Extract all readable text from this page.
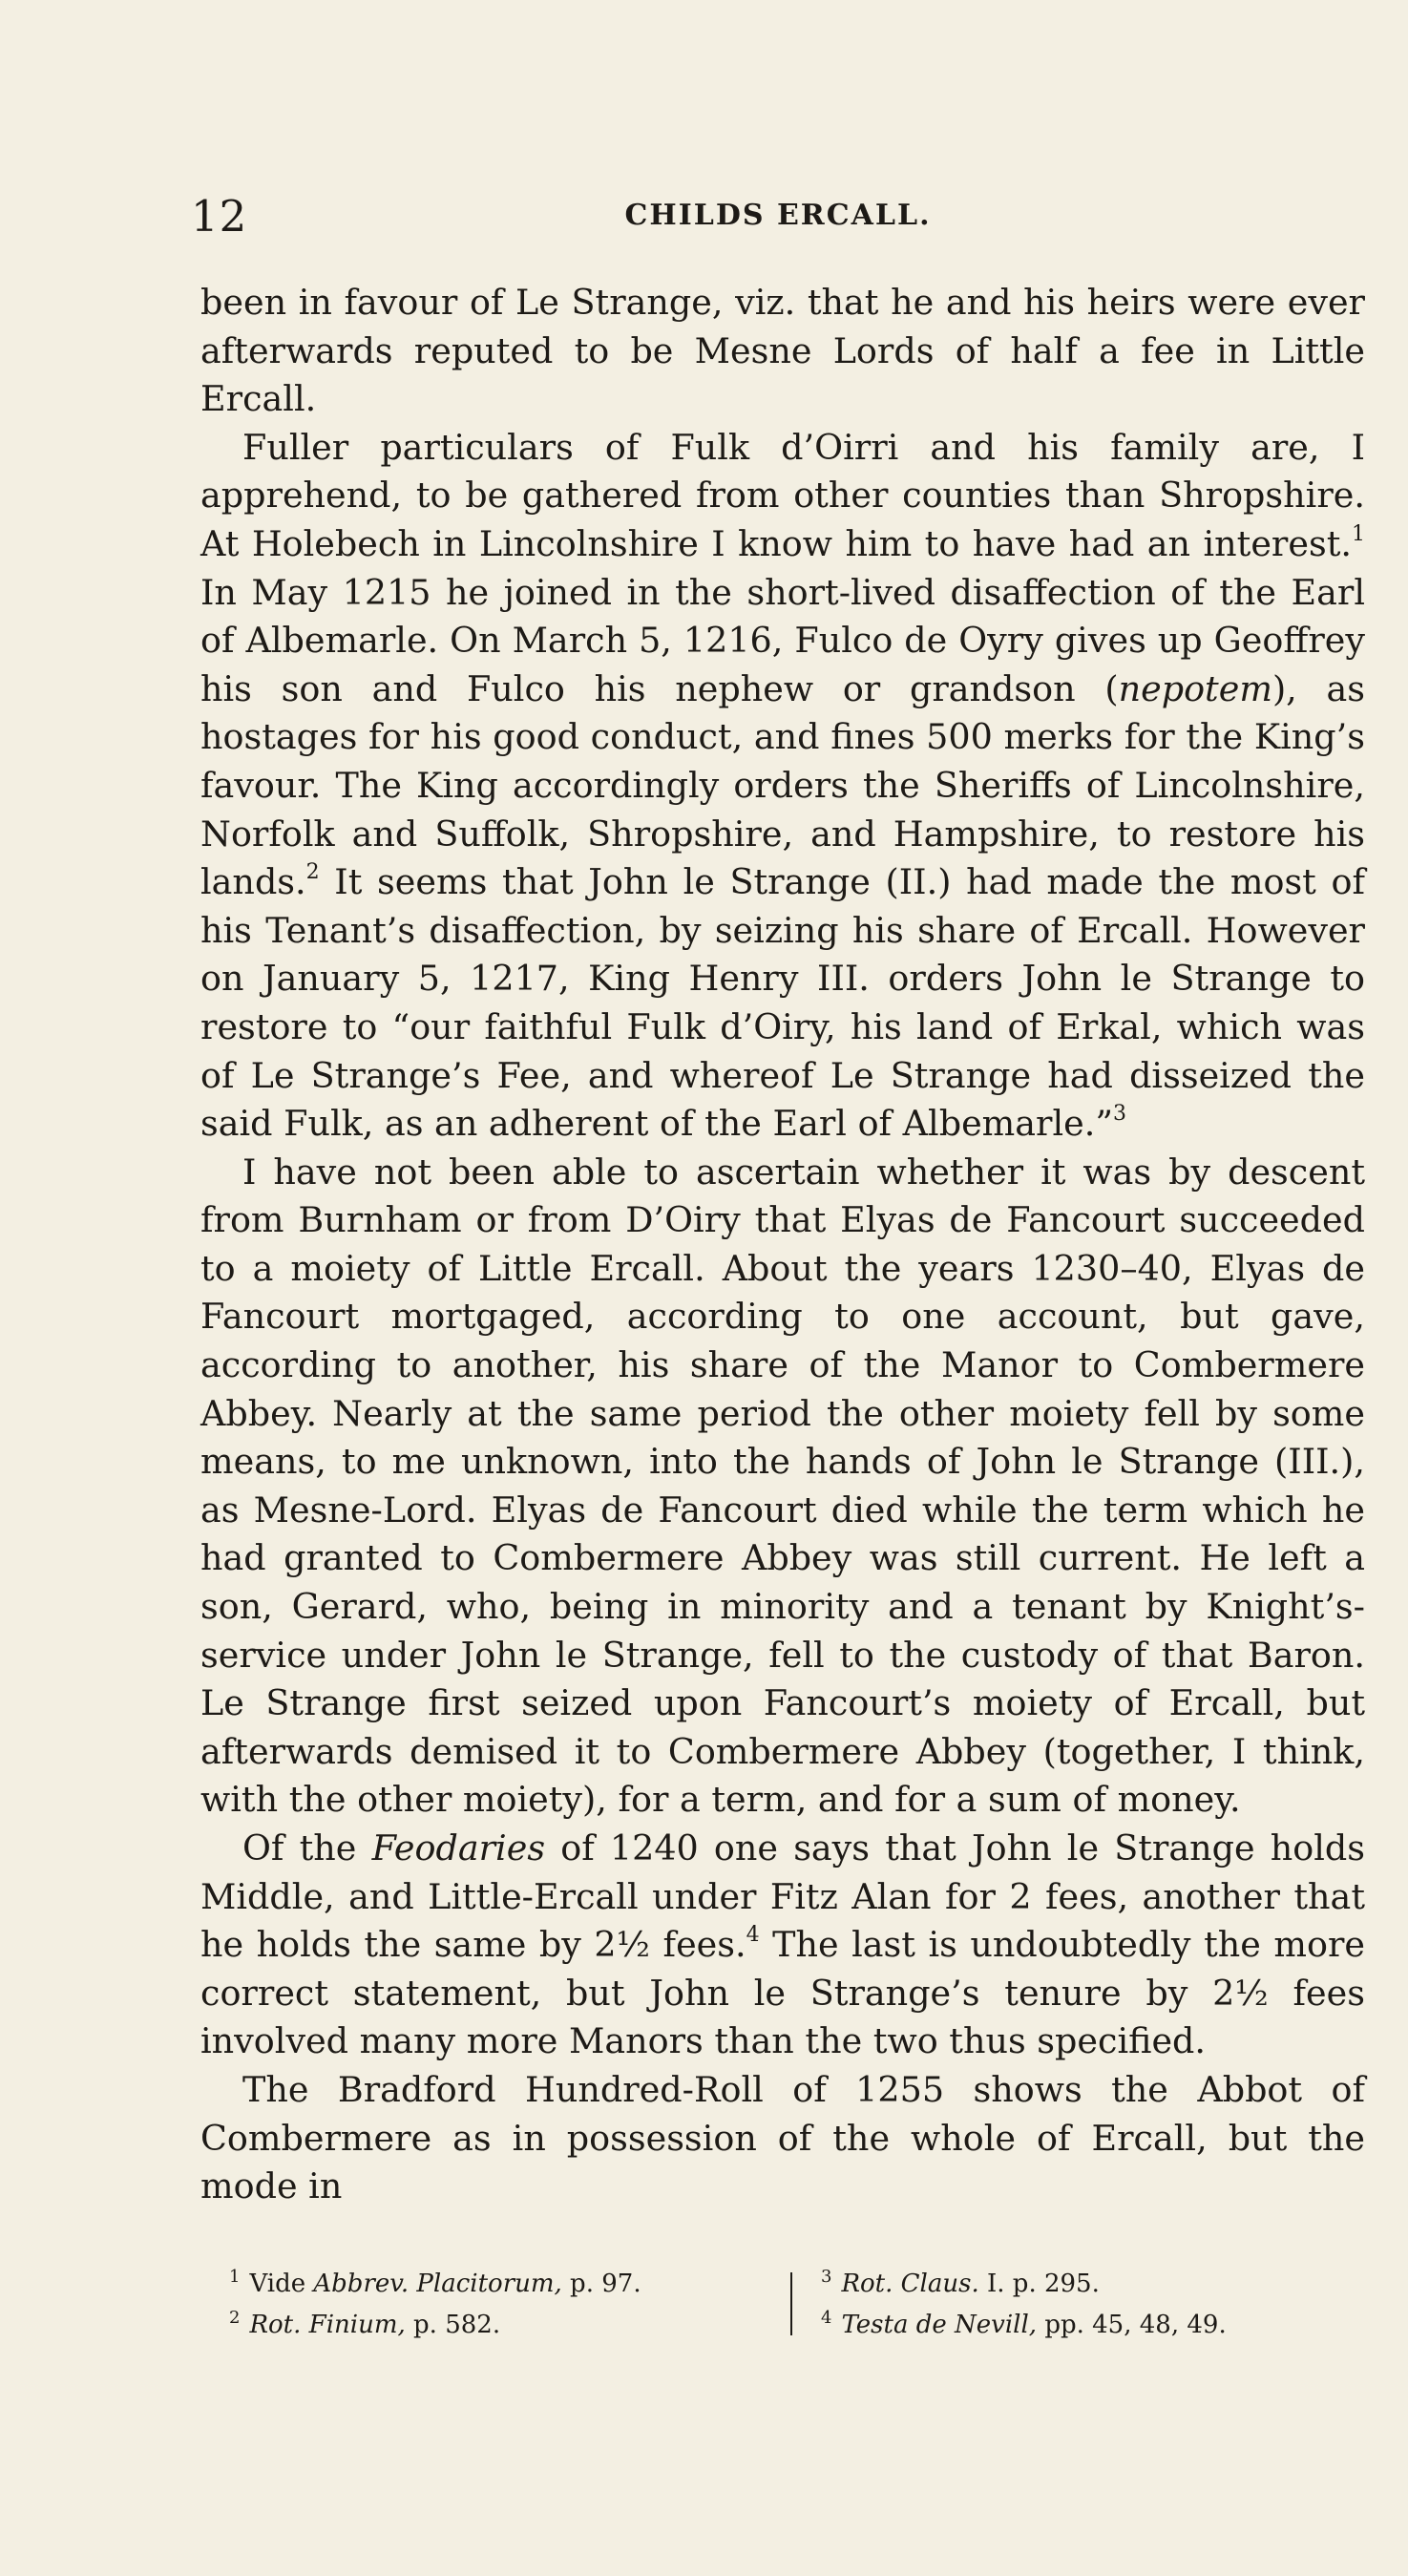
12	CHILDS ERCALL.

been in favour of Le Strange, viz. that he and his heirs were ever afterwards reputed to be Mesne Lords of half a fee in Little Ercall.

Fuller particulars of Fulk d’Oirri and his family are, I apprehend, to be gathered from other counties than Shropshire. At Holebech in Lincolnshire I know him to have had an interest.$^1$ In May 1215 he joined in the short-lived disaffection of the Earl of Albemarle. On March 5, 1216, Fulco de Oyry gives up Geoffrey his son and Fulco his nephew or grandson (nepotem), as hostages for his good conduct, and fines 500 merks for the King’s favour. The King accordingly orders the Sheriffs of Lincolnshire, Norfolk and Suffolk, Shropshire, and Hampshire, to restore his lands.$^2$ It seems that John le Strange (II.) had made the most of his Tenant’s disaffection, by seizing his share of Ercall. However on January 5, 1217, King Henry III. orders John le Strange to restore to “our faithful Fulk d’Oiry, his land of Erkal, which was of Le Strange’s Fee, and whereof Le Strange had disseized the said Fulk, as an adherent of the Earl of Albemarle.”$^3$

I have not been able to ascertain whether it was by descent from Burnham or from D’Oiry that Elyas de Fancourt succeeded to a moiety of Little Ercall. About the years 1230–40, Elyas de Fancourt mortgaged, according to one account, but gave, according to another, his share of the Manor to Combermere Abbey. Nearly at the same period the other moiety fell by some means, to me unknown, into the hands of John le Strange (III.), as Mesne-Lord. Elyas de Fancourt died while the term which he had granted to Combermere Abbey was still current. He left a son, Gerard, who, being in minority and a tenant by Knight’s-service under John le Strange, fell to the custody of that Baron. Le Strange first seized upon Fancourt’s moiety of Ercall, but afterwards demised it to Combermere Abbey (together, I think, with the other moiety), for a term, and for a sum of money.

Of the Feodaries of 1240 one says that John le Strange holds Middle, and Little-Ercall under Fitz Alan for 2 fees, another that he holds the same by 2½ fees.$^4$ The last is undoubtedly the more correct statement, but John le Strange’s tenure by 2½ fees involved many more Manors than the two thus specified.

The Bradford Hundred-Roll of 1255 shows the Abbot of Combermere as in possession of the whole of Ercall, but the mode in

$^1$ Vide Abbrev. Placitorum, p. 97.
$^2$ Rot. Finium, p. 582.
$^3$ Rot. Claus. I. p. 295.
$^4$ Testa de Nevill, pp. 45, 48, 49.
